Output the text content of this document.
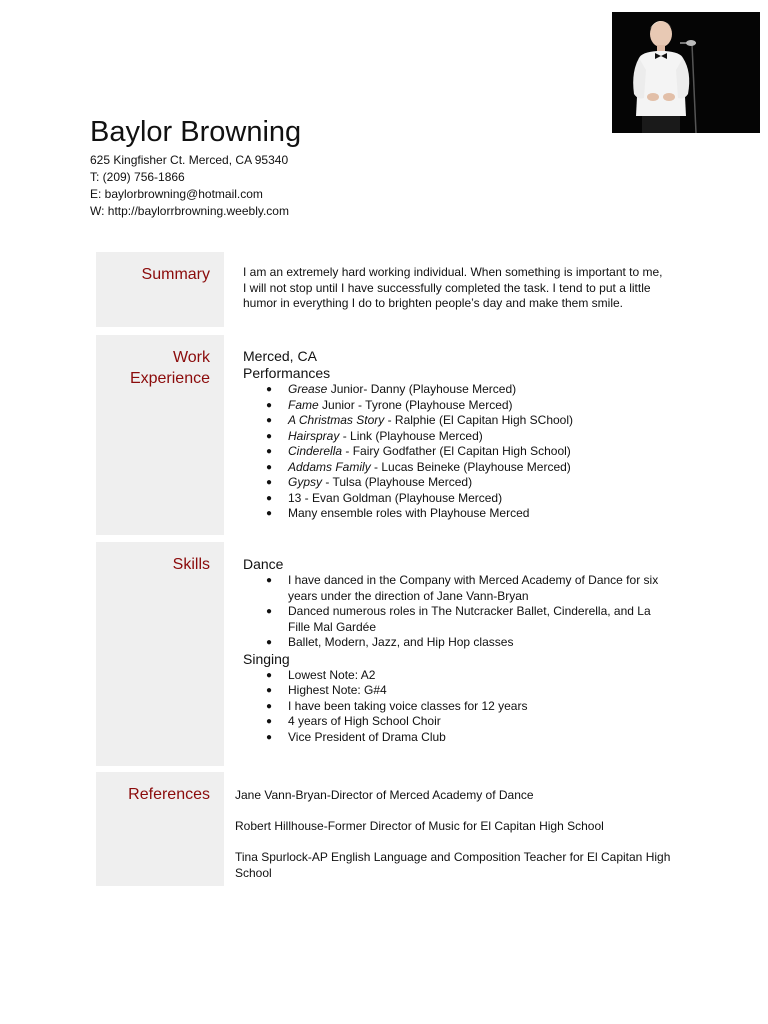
Baylor Browning
625 Kingfisher Ct. Merced, CA 95340
T: (209) 756-1866
E: baylorbrowning@hotmail.com
W: http://baylorrbrowning.weebly.com
Summary	I am an extremely hard working individual. When something is important to me, I will not stop until I have successfully completed the task. I tend to put a little humor in everything I do to brighten people’s day and make them smile.
Work
Experience
Merced, CA
Performances
● Grease Junior- Danny (Playhouse Merced)
● Fame Junior - Tyrone (Playhouse Merced)
● A Christmas Story - Ralphie (El Capitan High SChool)
● Hairspray - Link (Playhouse Merced)
● Cinderella - Fairy Godfather (El Capitan High School)
● Addams Family - Lucas Beineke (Playhouse Merced)
● Gypsy - Tulsa (Playhouse Merced)
● 13 - Evan Goldman (Playhouse Merced)
● Many ensemble roles with Playhouse Merced
Skills Dance
● I have danced in the Company with Merced Academy of Dance for six years under the direction of Jane Vann-Bryan
● Danced numerous roles in The Nutcracker Ballet, Cinderella, and La Fille Mal Gardée
● Ballet, Modern, Jazz, and Hip Hop classes
Singing
● Lowest Note: A2
● Highest Note: G#4
● I have been taking voice classes for 12 years
● 4 years of High School Choir
● Vice President of Drama Club
References Jane Vann-Bryan-Director of Merced Academy of Dance

Robert Hillhouse-Former Director of Music for El Capitan High School

Tina Spurlock-AP English Language and Composition Teacher for El Capitan High School
